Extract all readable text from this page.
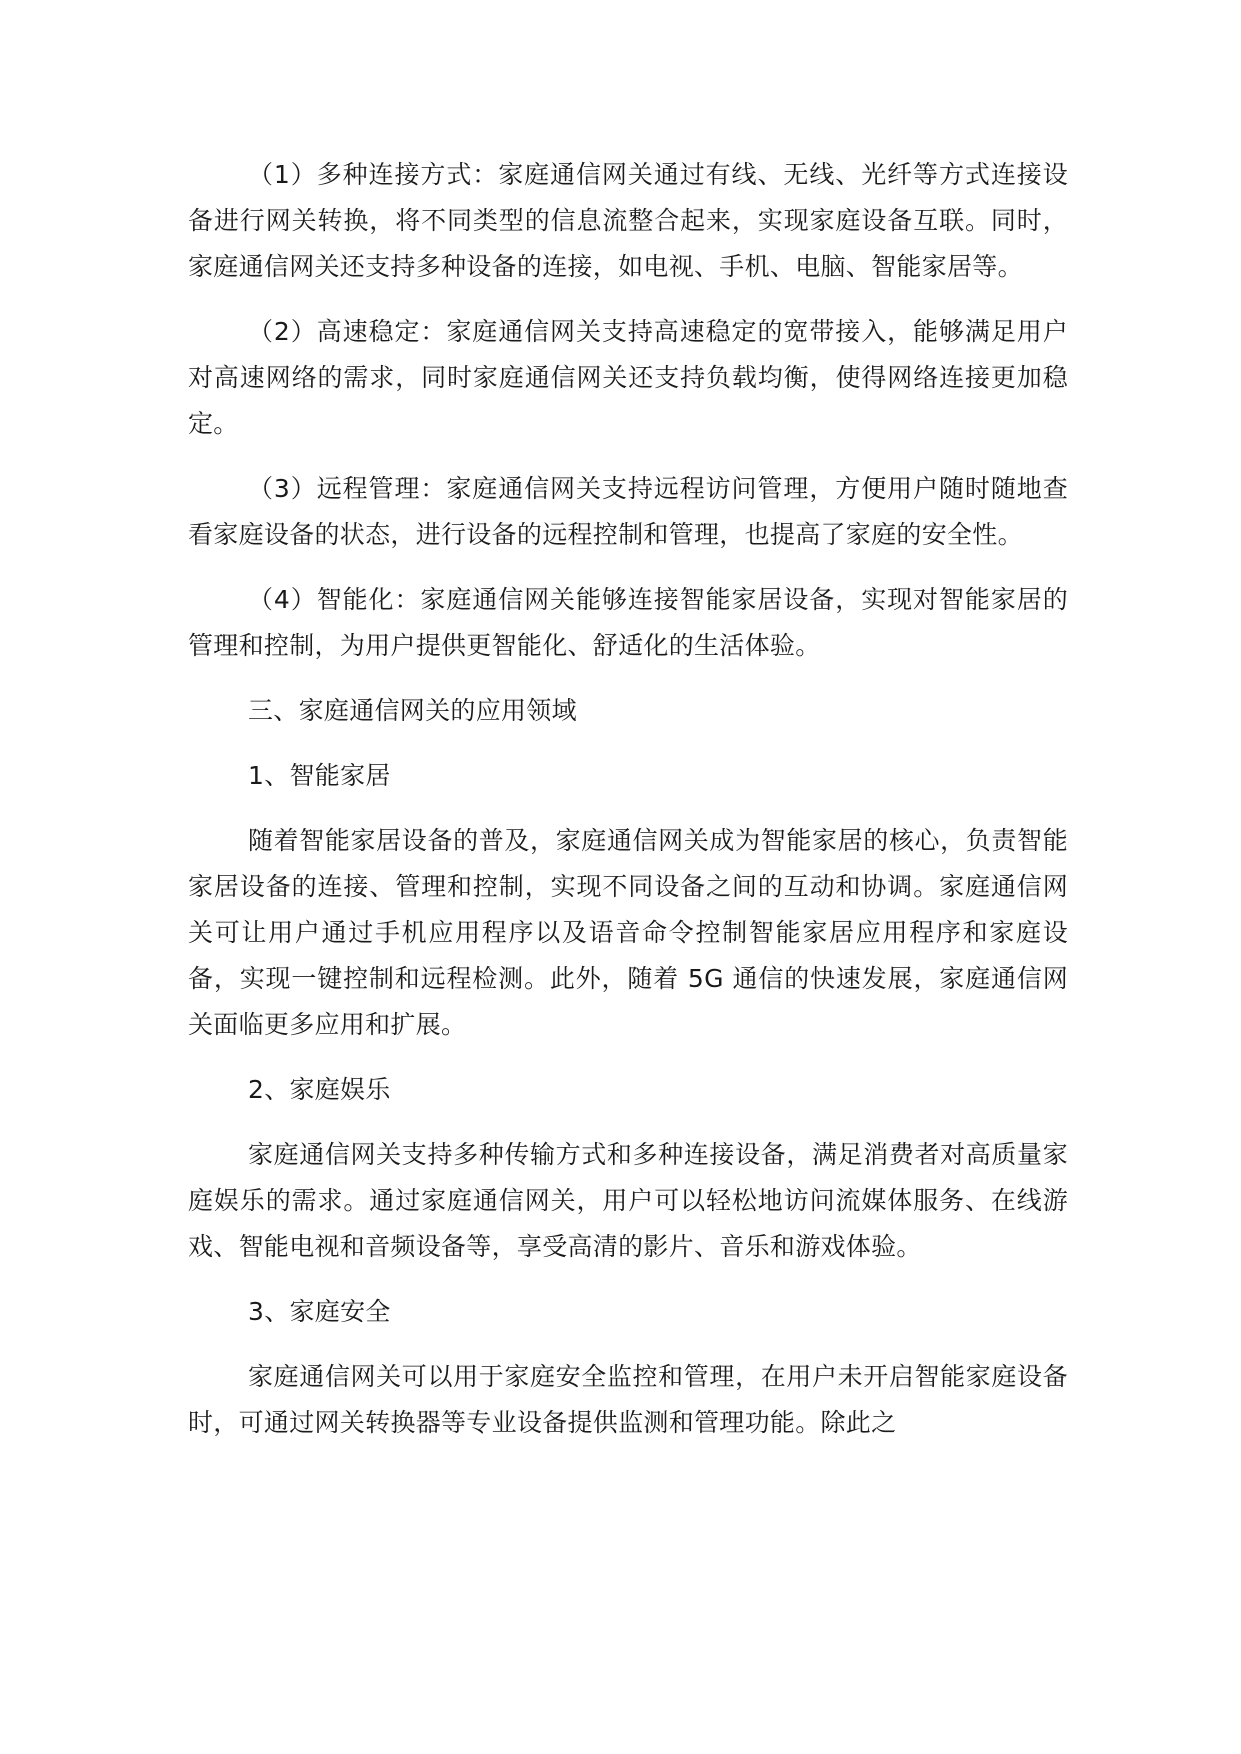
（1）多种连接方式：家庭通信网关通过有线、无线、光纤等方式连接设备进行网关转换，将不同类型的信息流整合起来，实现家庭设备互联。同时，家庭通信网关还支持多种设备的连接，如电视、手机、电脑、智能家居等。

（2）高速稳定：家庭通信网关支持高速稳定的宽带接入，能够满足用户对高速网络的需求，同时家庭通信网关还支持负载均衡，使得网络连接更加稳定。

（3）远程管理：家庭通信网关支持远程访问管理，方便用户随时随地查看家庭设备的状态，进行设备的远程控制和管理，也提高了家庭的安全性。

（4）智能化：家庭通信网关能够连接智能家居设备，实现对智能家居的管理和控制，为用户提供更智能化、舒适化的生活体验。

三、家庭通信网关的应用领域

1、智能家居

随着智能家居设备的普及，家庭通信网关成为智能家居的核心，负责智能家居设备的连接、管理和控制，实现不同设备之间的互动和协调。家庭通信网关可让用户通过手机应用程序以及语音命令控制智能家居应用程序和家庭设备，实现一键控制和远程检测。此外，随着 5G 通信的快速发展，家庭通信网关面临更多应用和扩展。

2、家庭娱乐

家庭通信网关支持多种传输方式和多种连接设备，满足消费者对高质量家庭娱乐的需求。通过家庭通信网关，用户可以轻松地访问流媒体服务、在线游戏、智能电视和音频设备等，享受高清的影片、音乐和游戏体验。

3、家庭安全

家庭通信网关可以用于家庭安全监控和管理，在用户未开启智能家庭设备时，可通过网关转换器等专业设备提供监测和管理功能。除此之
